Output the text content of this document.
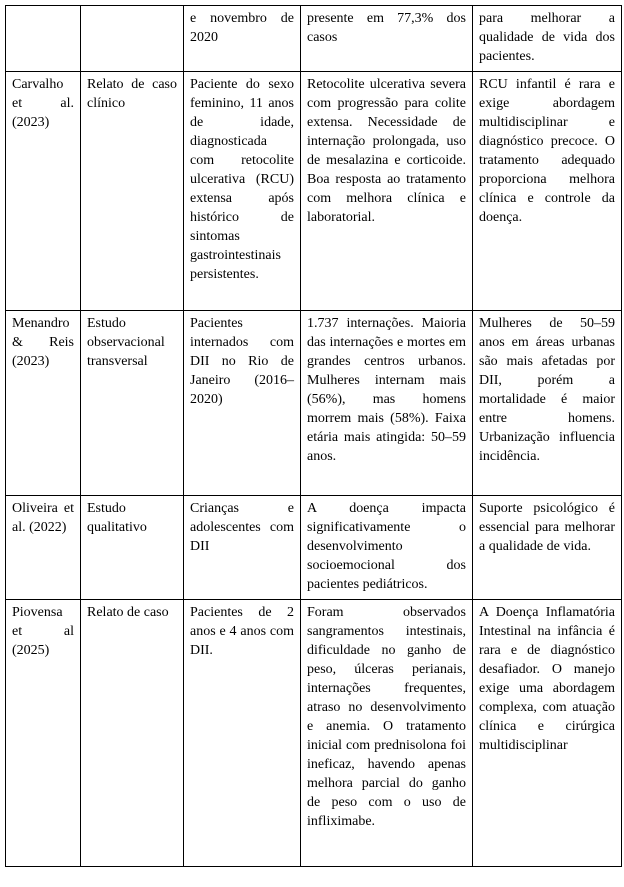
		e novembro de 2020	presente em 77,3% dos casos	para melhorar a qualidade de vida dos pacientes.
Carvalho et al. (2023)	Relato de caso clínico	Paciente do sexo feminino, 11 anos de idade, diagnosticada com retocolite ulcerativa (RCU) extensa após histórico de sintomas gastrointestinais persistentes.	Retocolite ulcerativa severa com progressão para colite extensa. Necessidade de internação prolongada, uso de mesalazina e corticoide. Boa resposta ao tratamento com melhora clínica e laboratorial.	RCU infantil é rara e exige abordagem multidisciplinar e diagnóstico precoce. O tratamento adequado proporciona melhora clínica e controle da doença.
Menandro & Reis (2023)	Estudo observacional transversal	Pacientes internados com DII no Rio de Janeiro (2016–2020)	1.737 internações. Maioria das internações e mortes em grandes centros urbanos. Mulheres internam mais (56%), mas homens morrem mais (58%). Faixa etária mais atingida: 50–59 anos.	Mulheres de 50–59 anos em áreas urbanas são mais afetadas por DII, porém a mortalidade é maior entre homens. Urbanização influencia incidência.
Oliveira et al. (2022)	Estudo qualitativo	Crianças e adolescentes com DII	A doença impacta significativamente o desenvolvimento socioemocional dos pacientes pediátricos.	Suporte psicológico é essencial para melhorar a qualidade de vida.
Piovensa et al (2025)	Relato de caso	Pacientes de 2 anos e 4 anos com DII.	Foram observados sangramentos intestinais, dificuldade no ganho de peso, úlceras perianais, internações frequentes, atraso no desenvolvimento e anemia. O tratamento inicial com prednisolona foi ineficaz, havendo apenas melhora parcial do ganho de peso com o uso de infliximabe.	A Doença Inflamatória Intestinal na infância é rara e de diagnóstico desafiador. O manejo exige uma abordagem complexa, com atuação clínica e cirúrgica multidisciplinar
